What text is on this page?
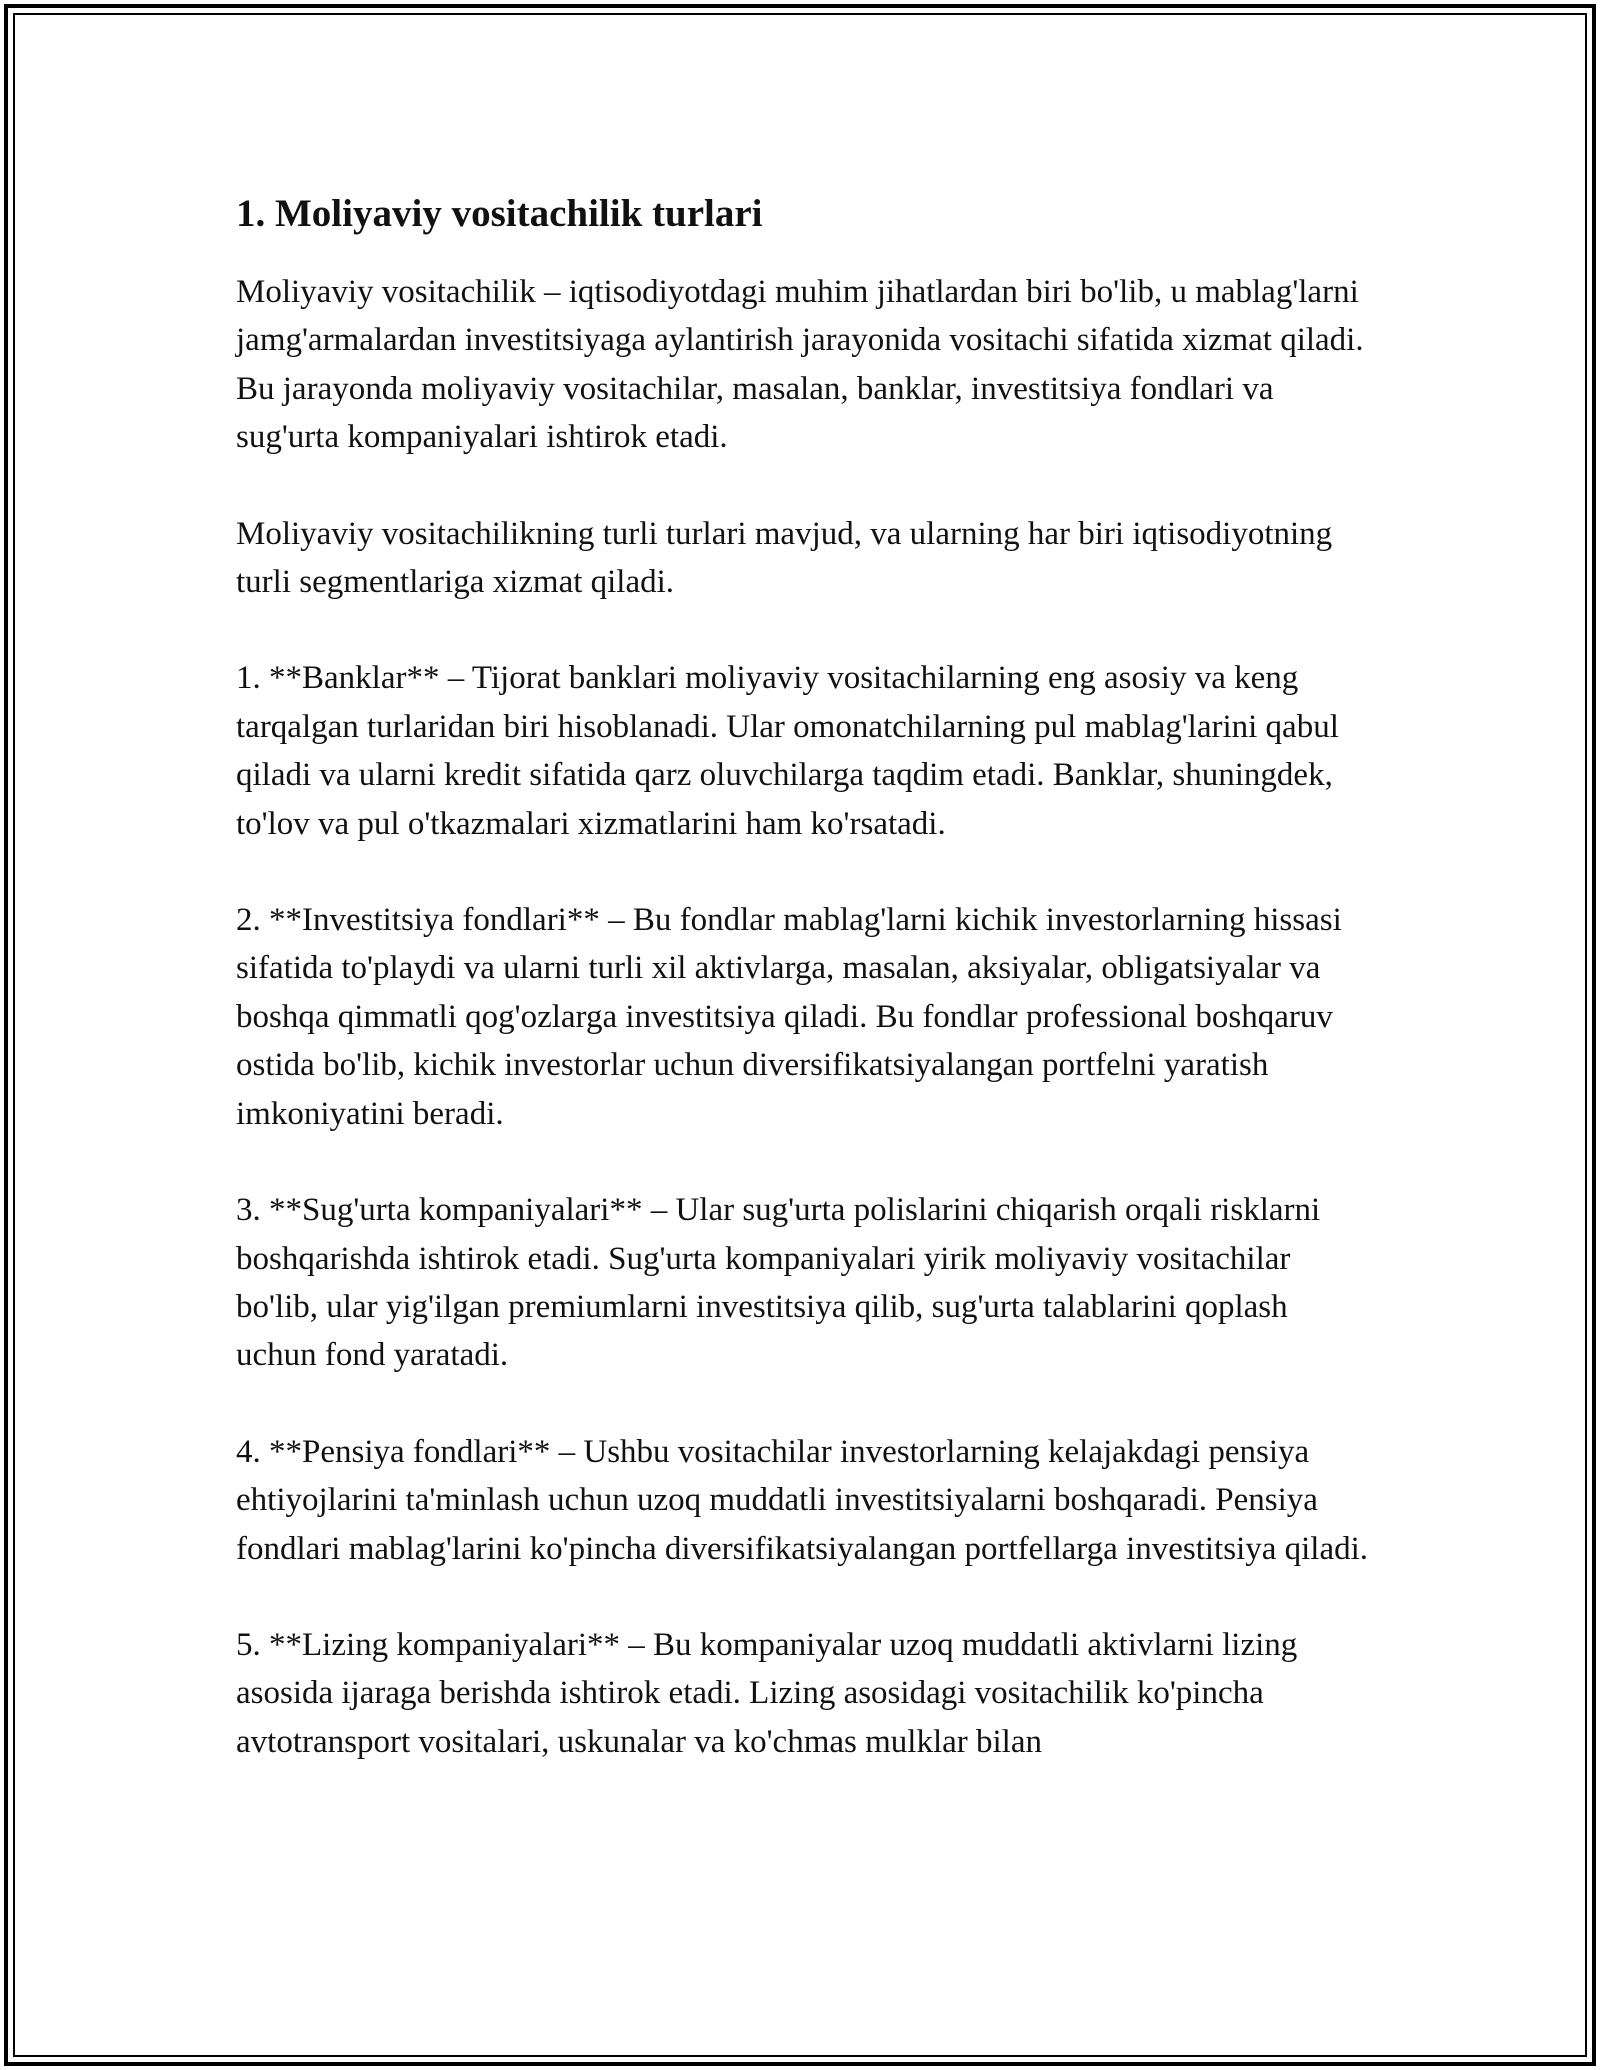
1. Moliyaviy vositachilik turlari

Moliyaviy vositachilik – iqtisodiyotdagi muhim jihatlardan biri bo'lib, u mablag'larni jamg'armalardan investitsiyaga aylantirish jarayonida vositachi sifatida xizmat qiladi. Bu jarayonda moliyaviy vositachilar, masalan, banklar, investitsiya fondlari va sug'urta kompaniyalari ishtirok etadi.

Moliyaviy vositachilikning turli turlari mavjud, va ularning har biri iqtisodiyotning turli segmentlariga xizmat qiladi.

1. **Banklar** – Tijorat banklari moliyaviy vositachilarning eng asosiy va keng tarqalgan turlaridan biri hisoblanadi. Ular omonatchilarning pul mablag'larini qabul qiladi va ularni kredit sifatida qarz oluvchilarga taqdim etadi. Banklar, shuningdek, to'lov va pul o'tkazmalari xizmatlarini ham ko'rsatadi.

2. **Investitsiya fondlari** – Bu fondlar mablag'larni kichik investorlarning hissasi sifatida to'playdi va ularni turli xil aktivlarga, masalan, aksiyalar, obligatsiyalar va boshqa qimmatli qog'ozlarga investitsiya qiladi. Bu fondlar professional boshqaruv ostida bo'lib, kichik investorlar uchun diversifikatsiyalangan portfelni yaratish imkoniyatini beradi.

3. **Sug'urta kompaniyalari** – Ular sug'urta polislarini chiqarish orqali risklarni boshqarishda ishtirok etadi. Sug'urta kompaniyalari yirik moliyaviy vositachilar bo'lib, ular yig'ilgan premiumlarni investitsiya qilib, sug'urta talablarini qoplash uchun fond yaratadi.

4. **Pensiya fondlari** – Ushbu vositachilar investorlarning kelajakdagi pensiya ehtiyojlarini ta'minlash uchun uzoq muddatli investitsiyalarni boshqaradi. Pensiya fondlari mablag'larini ko'pincha diversifikatsiyalangan portfellarga investitsiya qiladi.

5. **Lizing kompaniyalari** – Bu kompaniyalar uzoq muddatli aktivlarni lizing asosida ijaraga berishda ishtirok etadi. Lizing asosidagi vositachilik ko'pincha avtotransport vositalari, uskunalar va ko'chmas mulklar bilan
